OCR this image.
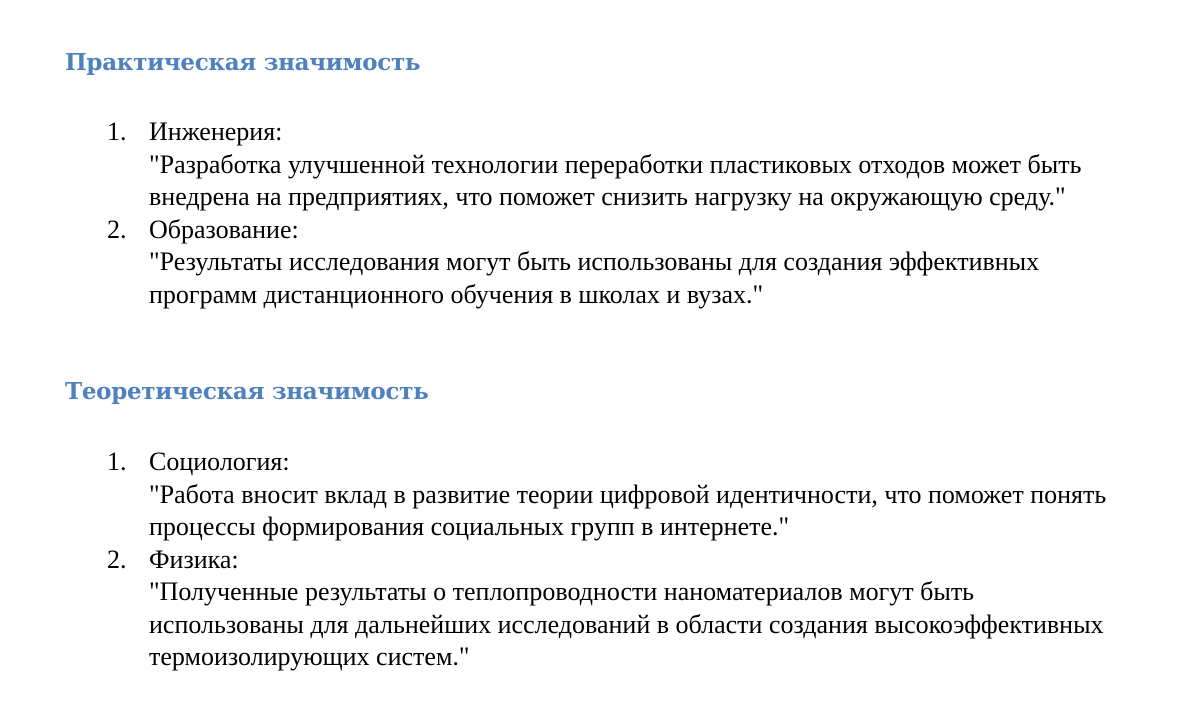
Практическая значимость
1. Инженерия:
"Разработка улучшенной технологии переработки пластиковых отходов может быть внедрена на предприятиях, что поможет снизить нагрузку на окружающую среду."
2. Образование:
"Результаты исследования могут быть использованы для создания эффективных программ дистанционного обучения в школах и вузах."
Теоретическая значимость
1. Социология:
"Работа вносит вклад в развитие теории цифровой идентичности, что поможет понять процессы формирования социальных групп в интернете."
2. Физика:
"Полученные результаты о теплопроводности наноматериалов могут быть использованы для дальнейших исследований в области создания высокоэффективных термоизолирующих систем."
